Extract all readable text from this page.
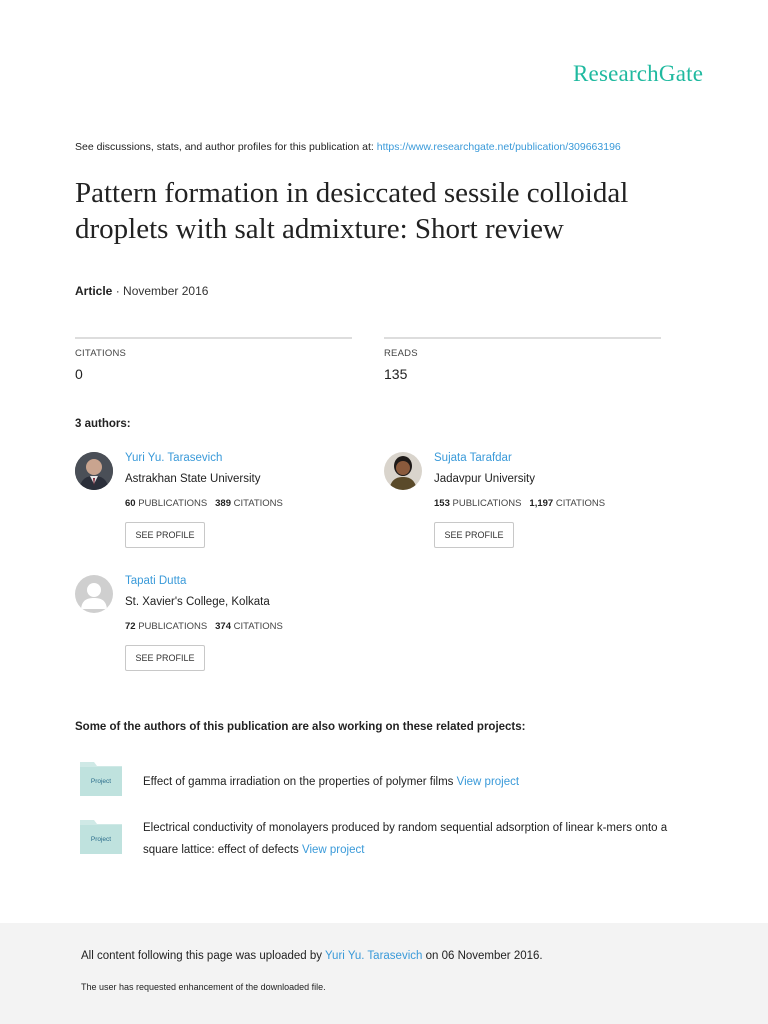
ResearchGate
See discussions, stats, and author profiles for this publication at: https://www.researchgate.net/publication/309663196
Pattern formation in desiccated sessile colloidal droplets with salt admixture: Short review
Article · November 2016
CITATIONS
0
READS
135
3 authors:
Yuri Yu. Tarasevich
Astrakhan State University
60 PUBLICATIONS 389 CITATIONS
SEE PROFILE
Sujata Tarafdar
Jadavpur University
153 PUBLICATIONS 1,197 CITATIONS
SEE PROFILE
Tapati Dutta
St. Xavier's College, Kolkata
72 PUBLICATIONS 374 CITATIONS
SEE PROFILE
Some of the authors of this publication are also working on these related projects:
Project	Effect of gamma irradiation on the properties of polymer films View project
Project
Electrical conductivity of monolayers produced by random sequential adsorption of linear k-mers onto a
square lattice: effect of defects View project
All content following this page was uploaded by Yuri Yu. Tarasevich on 06 November 2016.
The user has requested enhancement of the downloaded file.
